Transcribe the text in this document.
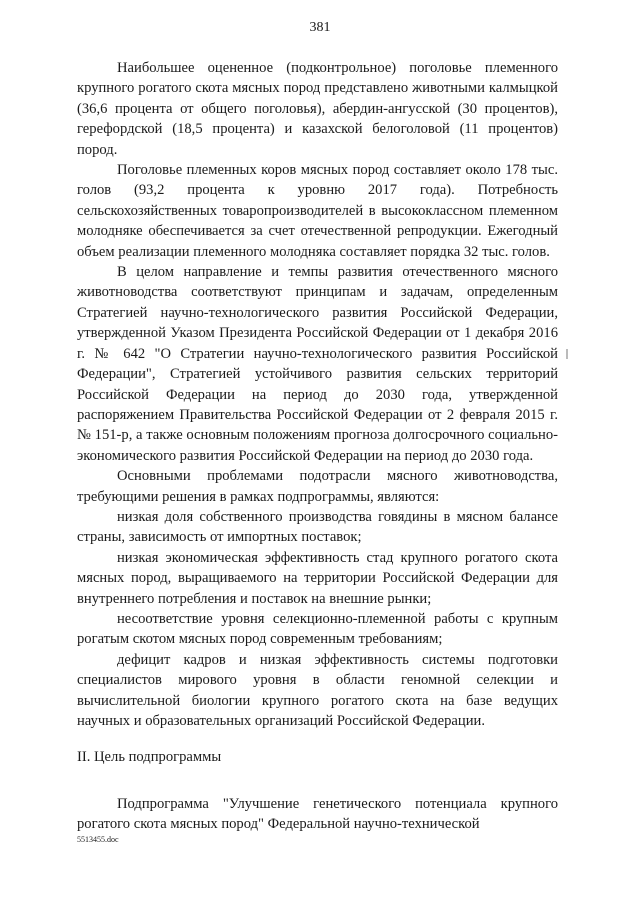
381

Наибольшее оцененное (подконтрольное) поголовье племенного крупного рогатого скота мясных пород представлено животными калмыцкой (36,6 процента от общего поголовья), абердин-ангусской (30 процентов), герефордской (18,5 процента) и казахской белоголовой (11 процентов) пород.

Поголовье племенных коров мясных пород составляет около 178 тыс. голов (93,2 процента к уровню 2017 года). Потребность сельскохозяйственных товаропроизводителей в высококлассном племенном молодняке обеспечивается за счет отечественной репродукции. Ежегодный объем реализации племенного молодняка составляет порядка 32 тыс. голов.

В целом направление и темпы развития отечественного мясного животноводства соответствуют принципам и задачам, определенным Стратегией научно-технологического развития Российской Федерации, утвержденной Указом Президента Российской Федерации от 1 декабря 2016 г. № 642 "О Стратегии научно-технологического развития Российской Федерации", Стратегией устойчивого развития сельских территорий Российской Федерации на период до 2030 года, утвержденной распоряжением Правительства Российской Федерации от 2 февраля 2015 г. № 151-р, а также основным положениям прогноза долгосрочного социально-экономического развития Российской Федерации на период до 2030 года.

Основными проблемами подотрасли мясного животноводства, требующими решения в рамках подпрограммы, являются:

низкая доля собственного производства говядины в мясном балансе страны, зависимость от импортных поставок;

низкая экономическая эффективность стад крупного рогатого скота мясных пород, выращиваемого на территории Российской Федерации для внутреннего потребления и поставок на внешние рынки;

несоответствие уровня селекционно-племенной работы с крупным рогатым скотом мясных пород современным требованиям;

дефицит кадров и низкая эффективность системы подготовки специалистов мирового уровня в области геномной селекции и вычислительной биологии крупного рогатого скота на базе ведущих научных и образовательных организаций Российской Федерации.

II. Цель подпрограммы

Подпрограмма "Улучшение генетического потенциала крупного рогатого скота мясных пород" Федеральной научно-технической

5513455.doc
